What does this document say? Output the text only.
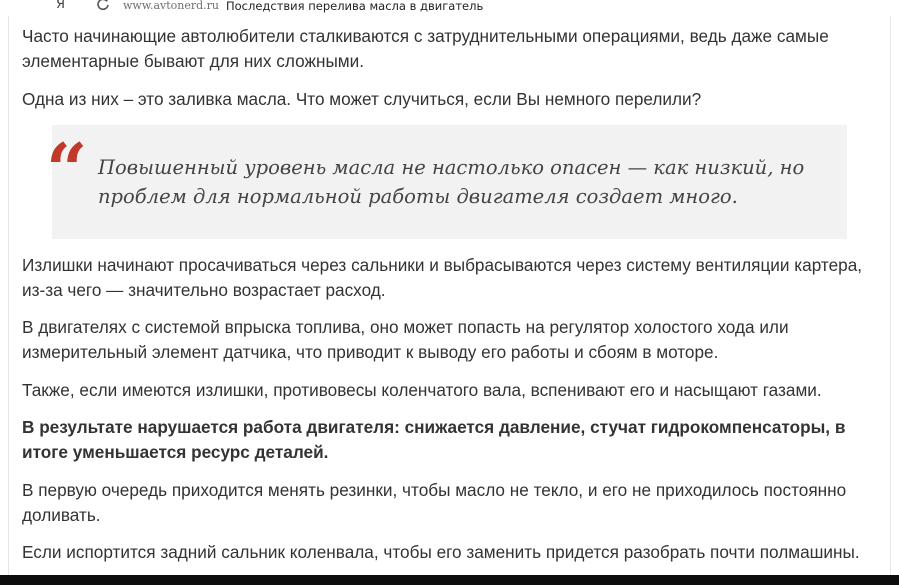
Я	www.avtonerd.ru Последствия перелива масла в двигатель

Часто начинающие автолюбители сталкиваются с затруднительными операциями, ведь даже самые элементарные бывают для них сложными.

Одна из них – это заливка масла. Что может случиться, если Вы немного перелили?

“ Повышенный уровень масла не настолько опасен — как низкий, но
проблем для нормальной работы двигателя создает много.

Излишки начинают просачиваться через сальники и выбрасываются через систему вентиляции картера, из-за чего — значительно возрастает расход.

В двигателях с системой впрыска топлива, оно может попасть на регулятор холостого хода или измерительный элемент датчика, что приводит к выводу его работы и сбоям в моторе.

Также, если имеются излишки, противовесы коленчатого вала, вспенивают его и насыщают газами.

В результате нарушается работа двигателя: снижается давление, стучат гидрокомпенсаторы, в итоге уменьшается ресурс деталей.

В первую очередь приходится менять резинки, чтобы масло не текло, и его не приходилось постоянно доливать.

Если испортится задний сальник коленвала, чтобы его заменить придется разобрать почти полмашины.
